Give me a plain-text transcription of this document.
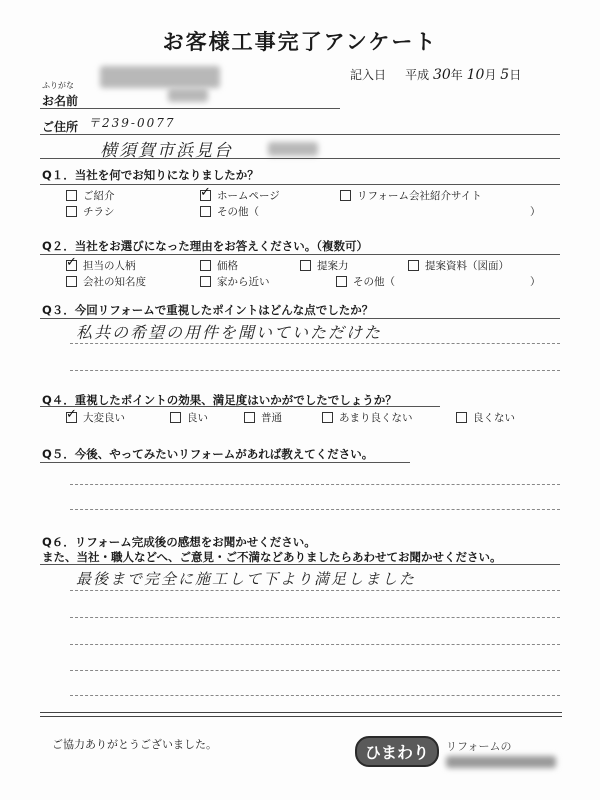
お客様工事完了アンケート
記入日 平成 30年 10月 5日
ふりがな
お名前
ご住所 〒239-0077
横須賀市浜見台
Q１．当社を何でお知りになりましたか？
ご紹介
✓	ホームページ	リフォーム会社紹介サイト
チラシ	その他（	）
Q２．当社をお選びになった理由をお答えください。（複数可）
✓
担当の人柄	価格	提案力	提案資料（図面）
会社の知名度	家から近い	その他（	）
Q３．今回リフォームで重視したポイントはどんな点でしたか？
私共の希望の用件を聞いていただけた
Q４．重視したポイントの効果、満足度はいかがでしたでしょうか？
✓
大変良い	良い	普通	あまり良くない	良くない
Q５．今後、やってみたいリフォームがあれば教えてください。
Q６．リフォーム完成後の感想をお聞かせください。
また、当社・職人などへ、ご意見・ご不満などありましたらあわせてお聞かせください。
最後まで完全に施工して下より満足しました
ご協力ありがとうございました。	ひまわり	リフォームの
